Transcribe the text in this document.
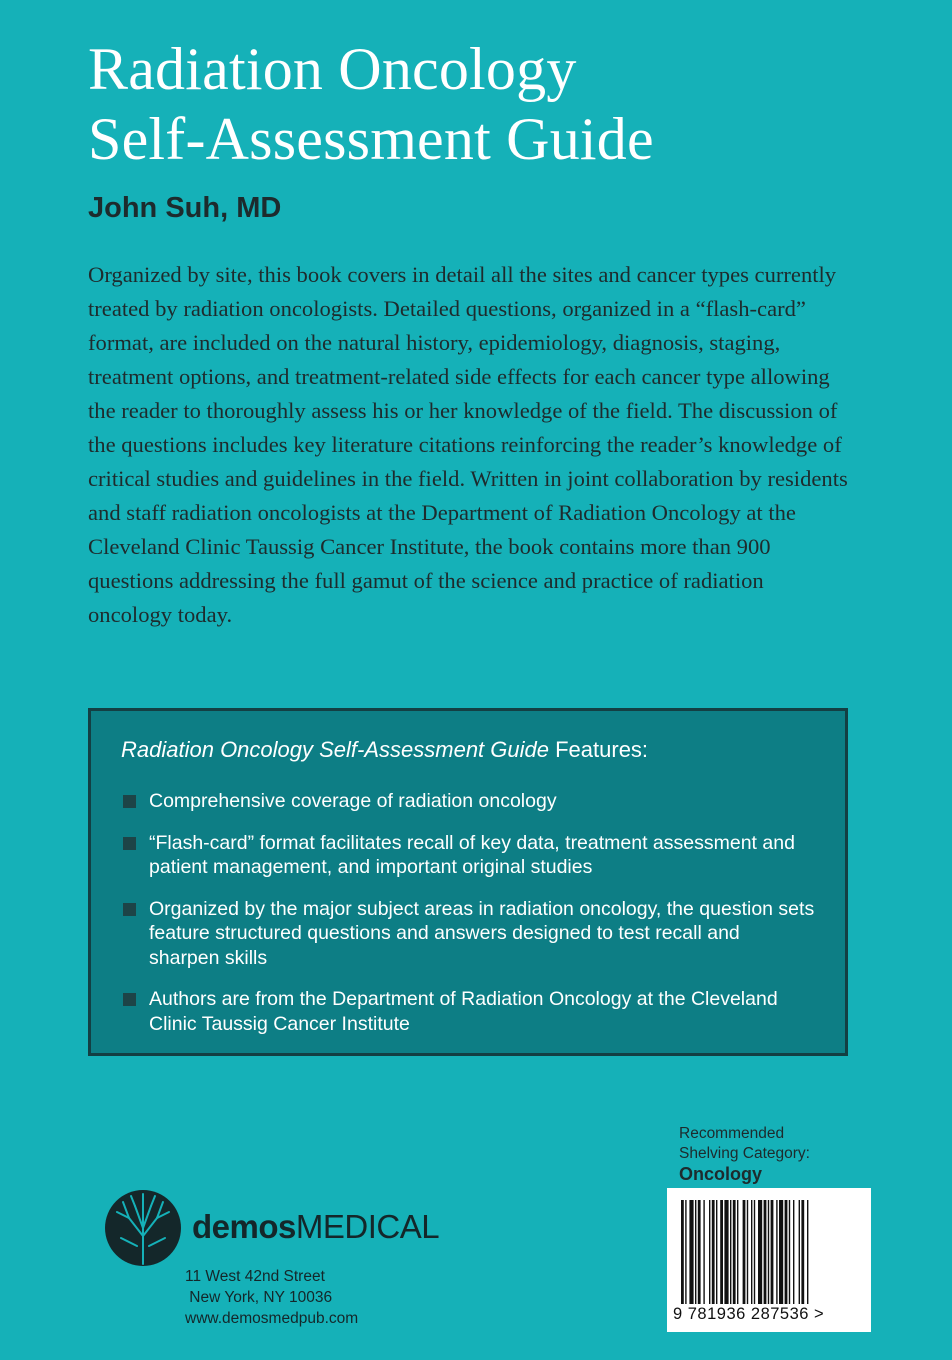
Radiation Oncology
Self-Assessment Guide
John Suh, MD

Organized by site, this book covers in detail all the sites and cancer types currently treated by radiation oncologists. Detailed questions, organized in a “flash-card” format, are included on the natural history, epidemiology, diagnosis, staging, treatment options, and treatment-related side effects for each cancer type allowing the reader to thoroughly assess his or her knowledge of the field. The discussion of the questions includes key literature citations reinforcing the reader’s knowledge of critical studies and guidelines in the field. Written in joint collaboration by residents and staff radiation oncologists at the Department of Radiation Oncology at the Cleveland Clinic Taussig Cancer Institute, the book contains more than 900 questions addressing the full gamut of the science and practice of radiation oncology today.

Radiation Oncology Self-Assessment Guide Features:
Comprehensive coverage of radiation oncology
“Flash-card” format facilitates recall of key data, treatment assessment and patient management, and important original studies
Organized by the major subject areas in radiation oncology, the question sets feature structured questions and answers designed to test recall and sharpen skills
Authors are from the Department of Radiation Oncology at the Cleveland Clinic Taussig Cancer Institute
Recommended
Shelving Category:
Oncology
9 781936 287536 >
demosMEDICAL
11 West 42nd Street
New York, NY 10036
www.demosmedpub.com
